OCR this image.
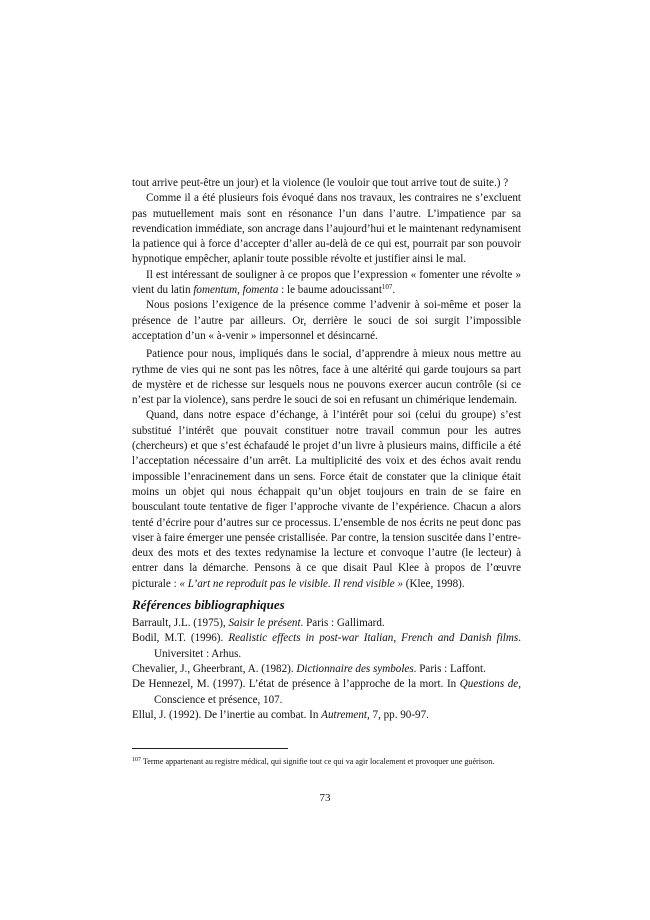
tout arrive peut-être un jour) et la violence (le vouloir que tout arrive tout de suite.) ?

Comme il a été plusieurs fois évoqué dans nos travaux, les contraires ne s’excluent pas mutuellement mais sont en résonance l’un dans l’autre. L’impatience par sa revendication immédiate, son ancrage dans l’aujourd’hui et le maintenant redynamisent la patience qui à force d’accepter d’aller au-delà de ce qui est, pourrait par son pouvoir hypnotique empêcher, aplanir toute possible révolte et justifier ainsi le mal.

Il est intéressant de souligner à ce propos que l’expression « fomenter une révolte » vient du latin fomentum, fomenta : le baume adoucissant$^{107}$.

Nous posions l’exigence de la présence comme l’advenir à soi-même et poser la présence de l’autre par ailleurs. Or, derrière le souci de soi surgit l’impossible acceptation d’un « à-venir » impersonnel et désincarné.

Patience pour nous, impliqués dans le social, d’apprendre à mieux nous mettre au rythme de vies qui ne sont pas les nôtres, face à une altérité qui garde toujours sa part de mystère et de richesse sur lesquels nous ne pouvons exercer aucun contrôle (si ce n’est par la violence), sans perdre le souci de soi en refusant un chimérique lendemain.

Quand, dans notre espace d’échange, à l’intérêt pour soi (celui du groupe) s’est substitué l’intérêt que pouvait constituer notre travail commun pour les autres (chercheurs) et que s’est échafaudé le projet d’un livre à plusieurs mains, difficile a été l’acceptation nécessaire d’un arrêt. La multiplicité des voix et des échos avait rendu impossible l’enracinement dans un sens. Force était de constater que la clinique était moins un objet qui nous échappait qu’un objet toujours en train de se faire en bousculant toute tentative de figer l’approche vivante de l’expérience. Chacun a alors tenté d’écrire pour d’autres sur ce processus. L’ensemble de nos écrits ne peut donc pas viser à faire émerger une pensée cristallisée. Par contre, la tension suscitée dans l’entre-deux des mots et des textes redynamise la lecture et convoque l’autre (le lecteur) à entrer dans la démarche. Pensons à ce que disait Paul Klee à propos de l’œuvre picturale : « L’art ne reproduit pas le visible. Il rend visible » (Klee, 1998).

Références bibliographiques

Barrault, J.L. (1975), Saisir le présent. Paris : Gallimard.

Bodil, M.T. (1996). Realistic effects in post-war Italian, French and Danish films. Universitet : Arhus.

Chevalier, J., Gheerbrant, A. (1982). Dictionnaire des symboles. Paris : Laffont.

De Hennezel, M. (1997). L’état de présence à l’approche de la mort. In Questions de, Conscience et présence, 107.

Ellul, J. (1992). De l’inertie au combat. In Autrement, 7, pp. 90-97.

$^{107}$ Terme appartenant au registre médical, qui signifie tout ce qui va agir localement et provoquer une guérison.
73
